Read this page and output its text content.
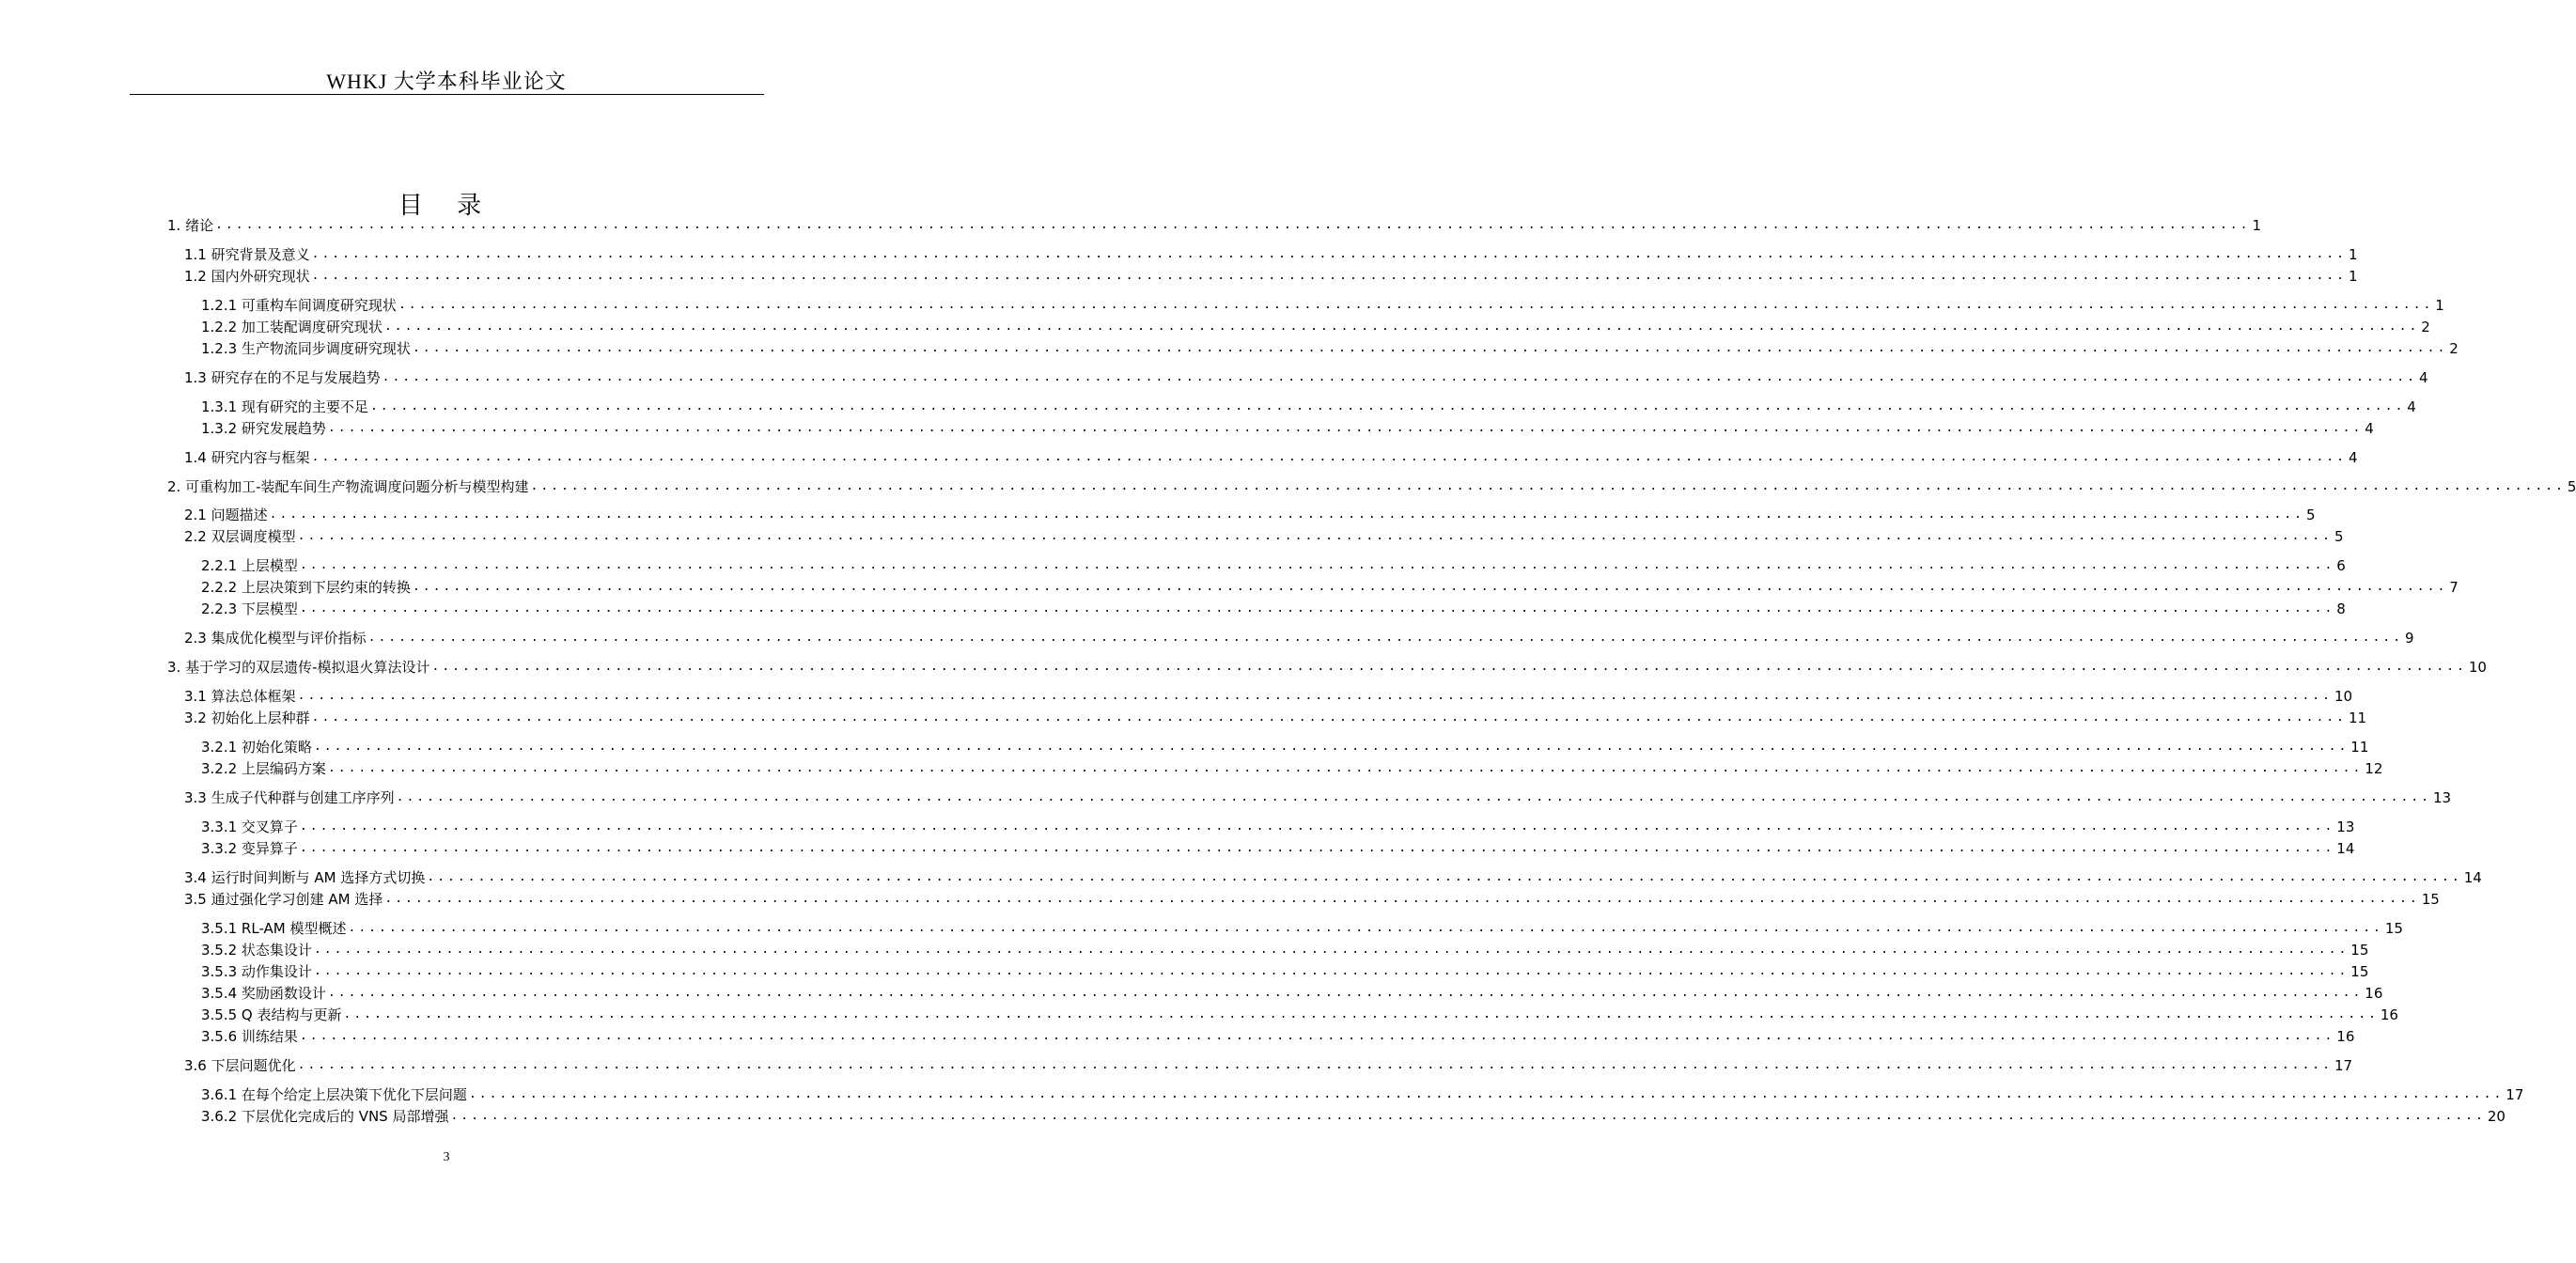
WHKJ 大学本科毕业论文
目 录
1. 绪论 ........................................................................................................................................................................................................ 1
1.1 研究背景及意义 ........................................................................................................................................................................................................ 1
1.2 国内外研究现状 ........................................................................................................................................................................................................ 1
1.2.1 可重构车间调度研究现状 ........................................................................................................................................................................................................ 1
1.2.2 加工装配调度研究现状 ........................................................................................................................................................................................................ 2
1.2.3 生产物流同步调度研究现状 ........................................................................................................................................................................................................ 2
1.3 研究存在的不足与发展趋势 ........................................................................................................................................................................................................ 4
1.3.1 现有研究的主要不足 ........................................................................................................................................................................................................ 4
1.3.2 研究发展趋势 ........................................................................................................................................................................................................ 4
1.4 研究内容与框架 ........................................................................................................................................................................................................ 4
2. 可重构加工-装配车间生产物流调度问题分析与模型构建 ........................................................................................................................................................................................................ 5
2.1 问题描述 ........................................................................................................................................................................................................ 5
2.2 双层调度模型 ........................................................................................................................................................................................................ 5
2.2.1 上层模型 ........................................................................................................................................................................................................ 6
2.2.2 上层决策到下层约束的转换 ........................................................................................................................................................................................................ 7
2.2.3 下层模型 ........................................................................................................................................................................................................ 8
2.3 集成优化模型与评价指标 ........................................................................................................................................................................................................ 9
3. 基于学习的双层遗传-模拟退火算法设计 ........................................................................................................................................................................................................ 10
3.1 算法总体框架 ........................................................................................................................................................................................................ 10
3.2 初始化上层种群 ........................................................................................................................................................................................................ 11
3.2.1 初始化策略 ........................................................................................................................................................................................................ 11
3.2.2 上层编码方案 ........................................................................................................................................................................................................ 12
3.3 生成子代种群与创建工序序列 ........................................................................................................................................................................................................ 13
3.3.1 交叉算子 ........................................................................................................................................................................................................ 13
3.3.2 变异算子 ........................................................................................................................................................................................................ 14
3.4 运行时间判断与 AM 选择方式切换 ........................................................................................................................................................................................................ 14
3.5 通过强化学习创建 AM 选择 ........................................................................................................................................................................................................ 15
3.5.1 RL-AM 模型概述 ........................................................................................................................................................................................................ 15
3.5.2 状态集设计 ........................................................................................................................................................................................................ 15
3.5.3 动作集设计 ........................................................................................................................................................................................................ 15
3.5.4 奖励函数设计 ........................................................................................................................................................................................................ 16
3.5.5 Q 表结构与更新 ........................................................................................................................................................................................................ 16
3.5.6 训练结果 ........................................................................................................................................................................................................ 16
3.6 下层问题优化 ........................................................................................................................................................................................................ 17
3.6.1 在每个给定上层决策下优化下层问题 ........................................................................................................................................................................................................ 17
3.6.2 下层优化完成后的 VNS 局部增强 ........................................................................................................................................................................................................ 20
3
